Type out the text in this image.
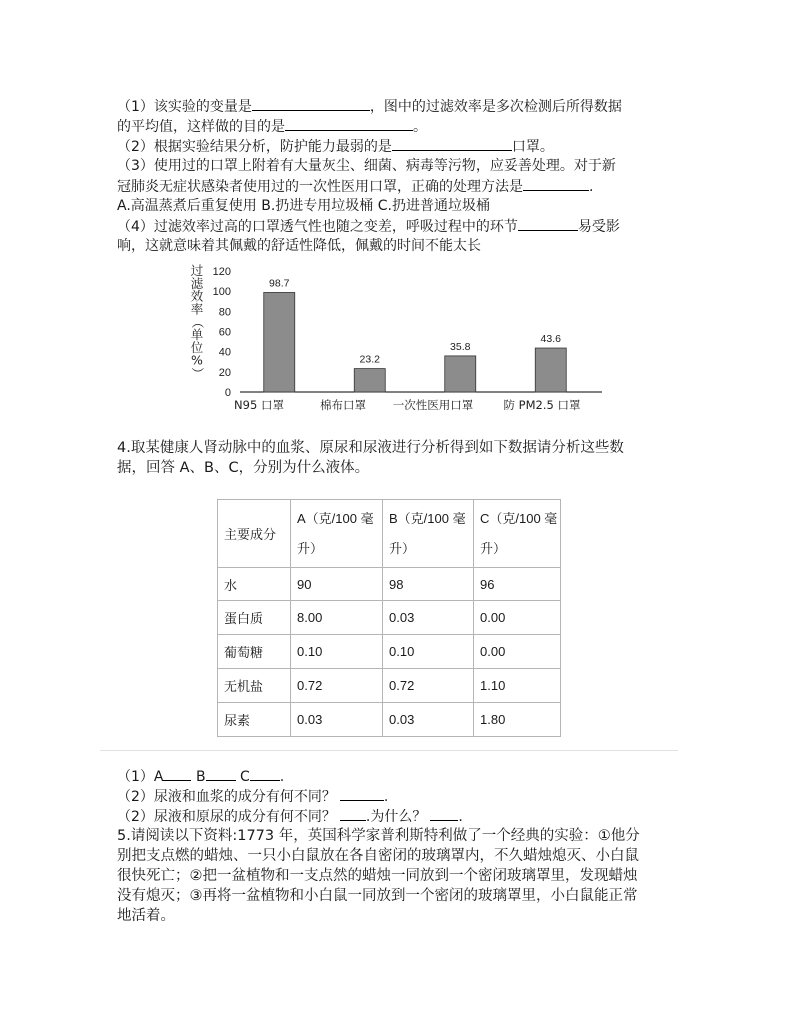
（1）该实验的变量是	，图中的过滤效率是多次检测后所得数据
的平均值，这样做的目的是	。
（2）根据实验结果分析，防护能力最弱的是	口罩。
（3）使用过的口罩上附着有大量灰尘、细菌、病毒等污物，应妥善处理。对于新
冠肺炎无症状感染者使用过的一次性医用口罩，正确的处理方法是	.
A.高温蒸煮后重复使用 B.扔进专用垃圾桶 C.扔进普通垃圾桶
（4）过滤效率过高的口罩透气性也随之变差，呼吸过程中的环节	易受影
响，这就意味着其佩戴的舒适性降低，佩戴的时间不能太长
过
滤
效
率
（
单
位
%
）
0
20
40
60
80
100
120
98.7
23.2
35.8
43.6
N95 口罩	棉布口罩 一次性医用口罩	防 PM2.5 口罩
4.取某健康人肾动脉中的血浆、原尿和尿液进行分析得到如下数据请分析这些数
据，回答 A、B、C，分别为什么液体。
主要成分	A（克/100 毫升）	B（克/100 毫升）	C（克/100 毫升）
水	90	98	96
蛋白质	8.00	0.03	0.00
葡萄糖	0.10	0.10	0.00
无机盐	0.72	0.72	1.10
尿素	0.03	0.03	1.80
（1）A B C .
（2）尿液和血浆的成分有何不同？	.
（2）尿液和原尿的成分有何不同？ .为什么？ .
5.请阅读以下资料:1773 年，英国科学家普利斯特利做了一个经典的实验：①他分
别把支点燃的蜡烛、一只小白鼠放在各自密闭的玻璃罩内，不久蜡烛熄灭、小白鼠
很快死亡；②把一盆植物和一支点然的蜡烛一同放到一个密闭玻璃罩里，发现蜡烛
没有熄灭；③再将一盆植物和小白鼠一同放到一个密闭的玻璃罩里，小白鼠能正常
地活着。
